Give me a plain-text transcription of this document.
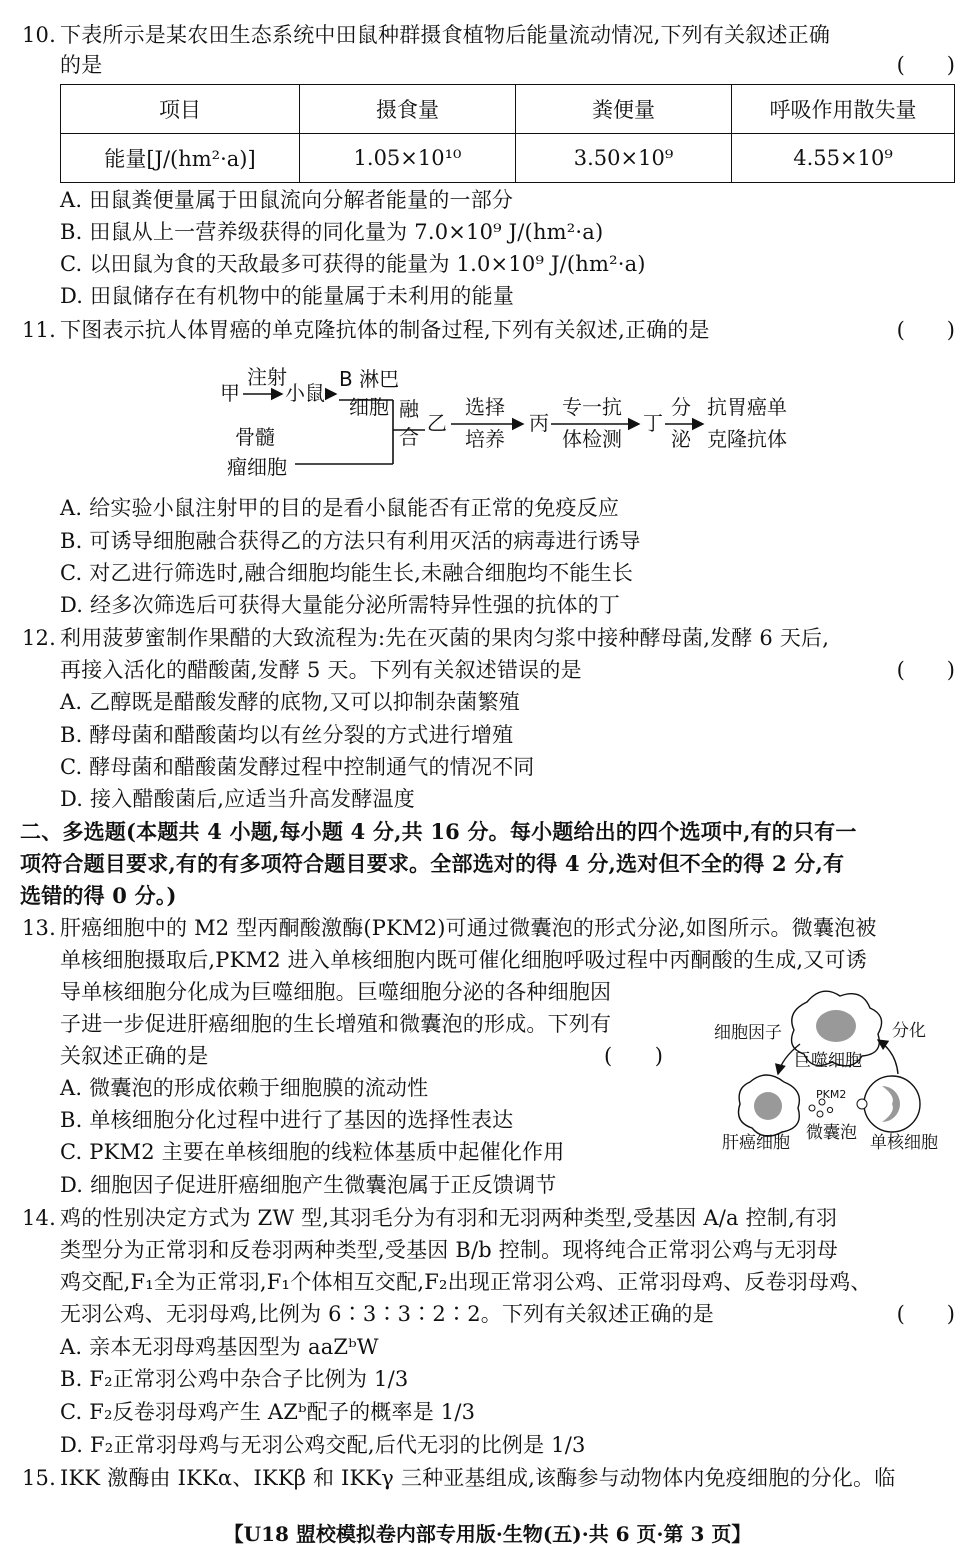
10. 下表所示是某农田生态系统中田鼠种群摄食植物后能量流动情况,下列有关叙述正确
的是	(　　)
项目	摄食量	粪便量	呼吸作用散失量
能量[J/(hm²·a)]	1.05×10¹⁰	3.50×10⁹	4.55×10⁹
A. 田鼠粪便量属于田鼠流向分解者能量的一部分
B. 田鼠从上一营养级获得的同化量为 7.0×10⁹ J/(hm²·a)
C. 以田鼠为食的天敌最多可获得的能量为 1.0×10⁹ J/(hm²·a)
D. 田鼠储存在有机物中的能量属于未利用的能量
11. 下图表示抗人体胃癌的单克隆抗体的制备过程,下列有关叙述,正确的是	(　　)
甲
注射
小鼠
B 淋巴
细胞
骨髓
瘤细胞
融
合
乙
选择
培养
丙
专一抗
体检测
丁
分
泌
抗胃癌单
克隆抗体
A. 给实验小鼠注射甲的目的是看小鼠能否有正常的免疫反应
B. 可诱导细胞融合获得乙的方法只有利用灭活的病毒进行诱导
C. 对乙进行筛选时,融合细胞均能生长,未融合细胞均不能生长
D. 经多次筛选后可获得大量能分泌所需特异性强的抗体的丁
12. 利用菠萝蜜制作果醋的大致流程为:先在灭菌的果肉匀浆中接种酵母菌,发酵 6 天后,
再接入活化的醋酸菌,发酵 5 天。下列有关叙述错误的是	(　　)
A. 乙醇既是醋酸发酵的底物,又可以抑制杂菌繁殖
B. 酵母菌和醋酸菌均以有丝分裂的方式进行增殖
C. 酵母菌和醋酸菌发酵过程中控制通气的情况不同
D. 接入醋酸菌后,应适当升高发酵温度
二、多选题(本题共 4 小题,每小题 4 分,共 16 分。每小题给出的四个选项中,有的只有一
项符合题目要求,有的有多项符合题目要求。全部选对的得 4 分,选对但不全的得 2 分,有
选错的得 0 分。)
13. 肝癌细胞中的 M2 型丙酮酸激酶(PKM2)可通过微囊泡的形式分泌,如图所示。微囊泡被
单核细胞摄取后,PKM2 进入单核细胞内既可催化细胞呼吸过程中丙酮酸的生成,又可诱
导单核细胞分化成为巨噬细胞。巨噬细胞分泌的各种细胞因
子进一步促进肝癌细胞的生长增殖和微囊泡的形成。下列有
关叙述正确的是	(　　)
A. 微囊泡的形成依赖于细胞膜的流动性
B. 单核细胞分化过程中进行了基因的选择性表达
C. PKM2 主要在单核细胞的线粒体基质中起催化作用
D. 细胞因子促进肝癌细胞产生微囊泡属于正反馈调节
细胞因子	分化
巨噬细胞
PKM2
肝癌细胞 微囊泡 单核细胞
14. 鸡的性别决定方式为 ZW 型,其羽毛分为有羽和无羽两种类型,受基因 A/a 控制,有羽
类型分为正常羽和反卷羽两种类型,受基因 B/b 控制。现将纯合正常羽公鸡与无羽母
鸡交配,F₁全为正常羽,F₁个体相互交配,F₂出现正常羽公鸡、正常羽母鸡、反卷羽母鸡、
无羽公鸡、无羽母鸡,比例为 6∶3∶3∶2∶2。下列有关叙述正确的是	(　　)
A. 亲本无羽母鸡基因型为 aaZᵇW
B. F₂正常羽公鸡中杂合子比例为 1/3
C. F₂反卷羽母鸡产生 AZᵇ配子的概率是 1/3
D. F₂正常羽母鸡与无羽公鸡交配,后代无羽的比例是 1/3
15. IKK 激酶由 IKKα、IKKβ 和 IKKγ 三种亚基组成,该酶参与动物体内免疫细胞的分化。临
【U18 盟校模拟卷内部专用版·生物(五)·共 6 页·第 3 页】
